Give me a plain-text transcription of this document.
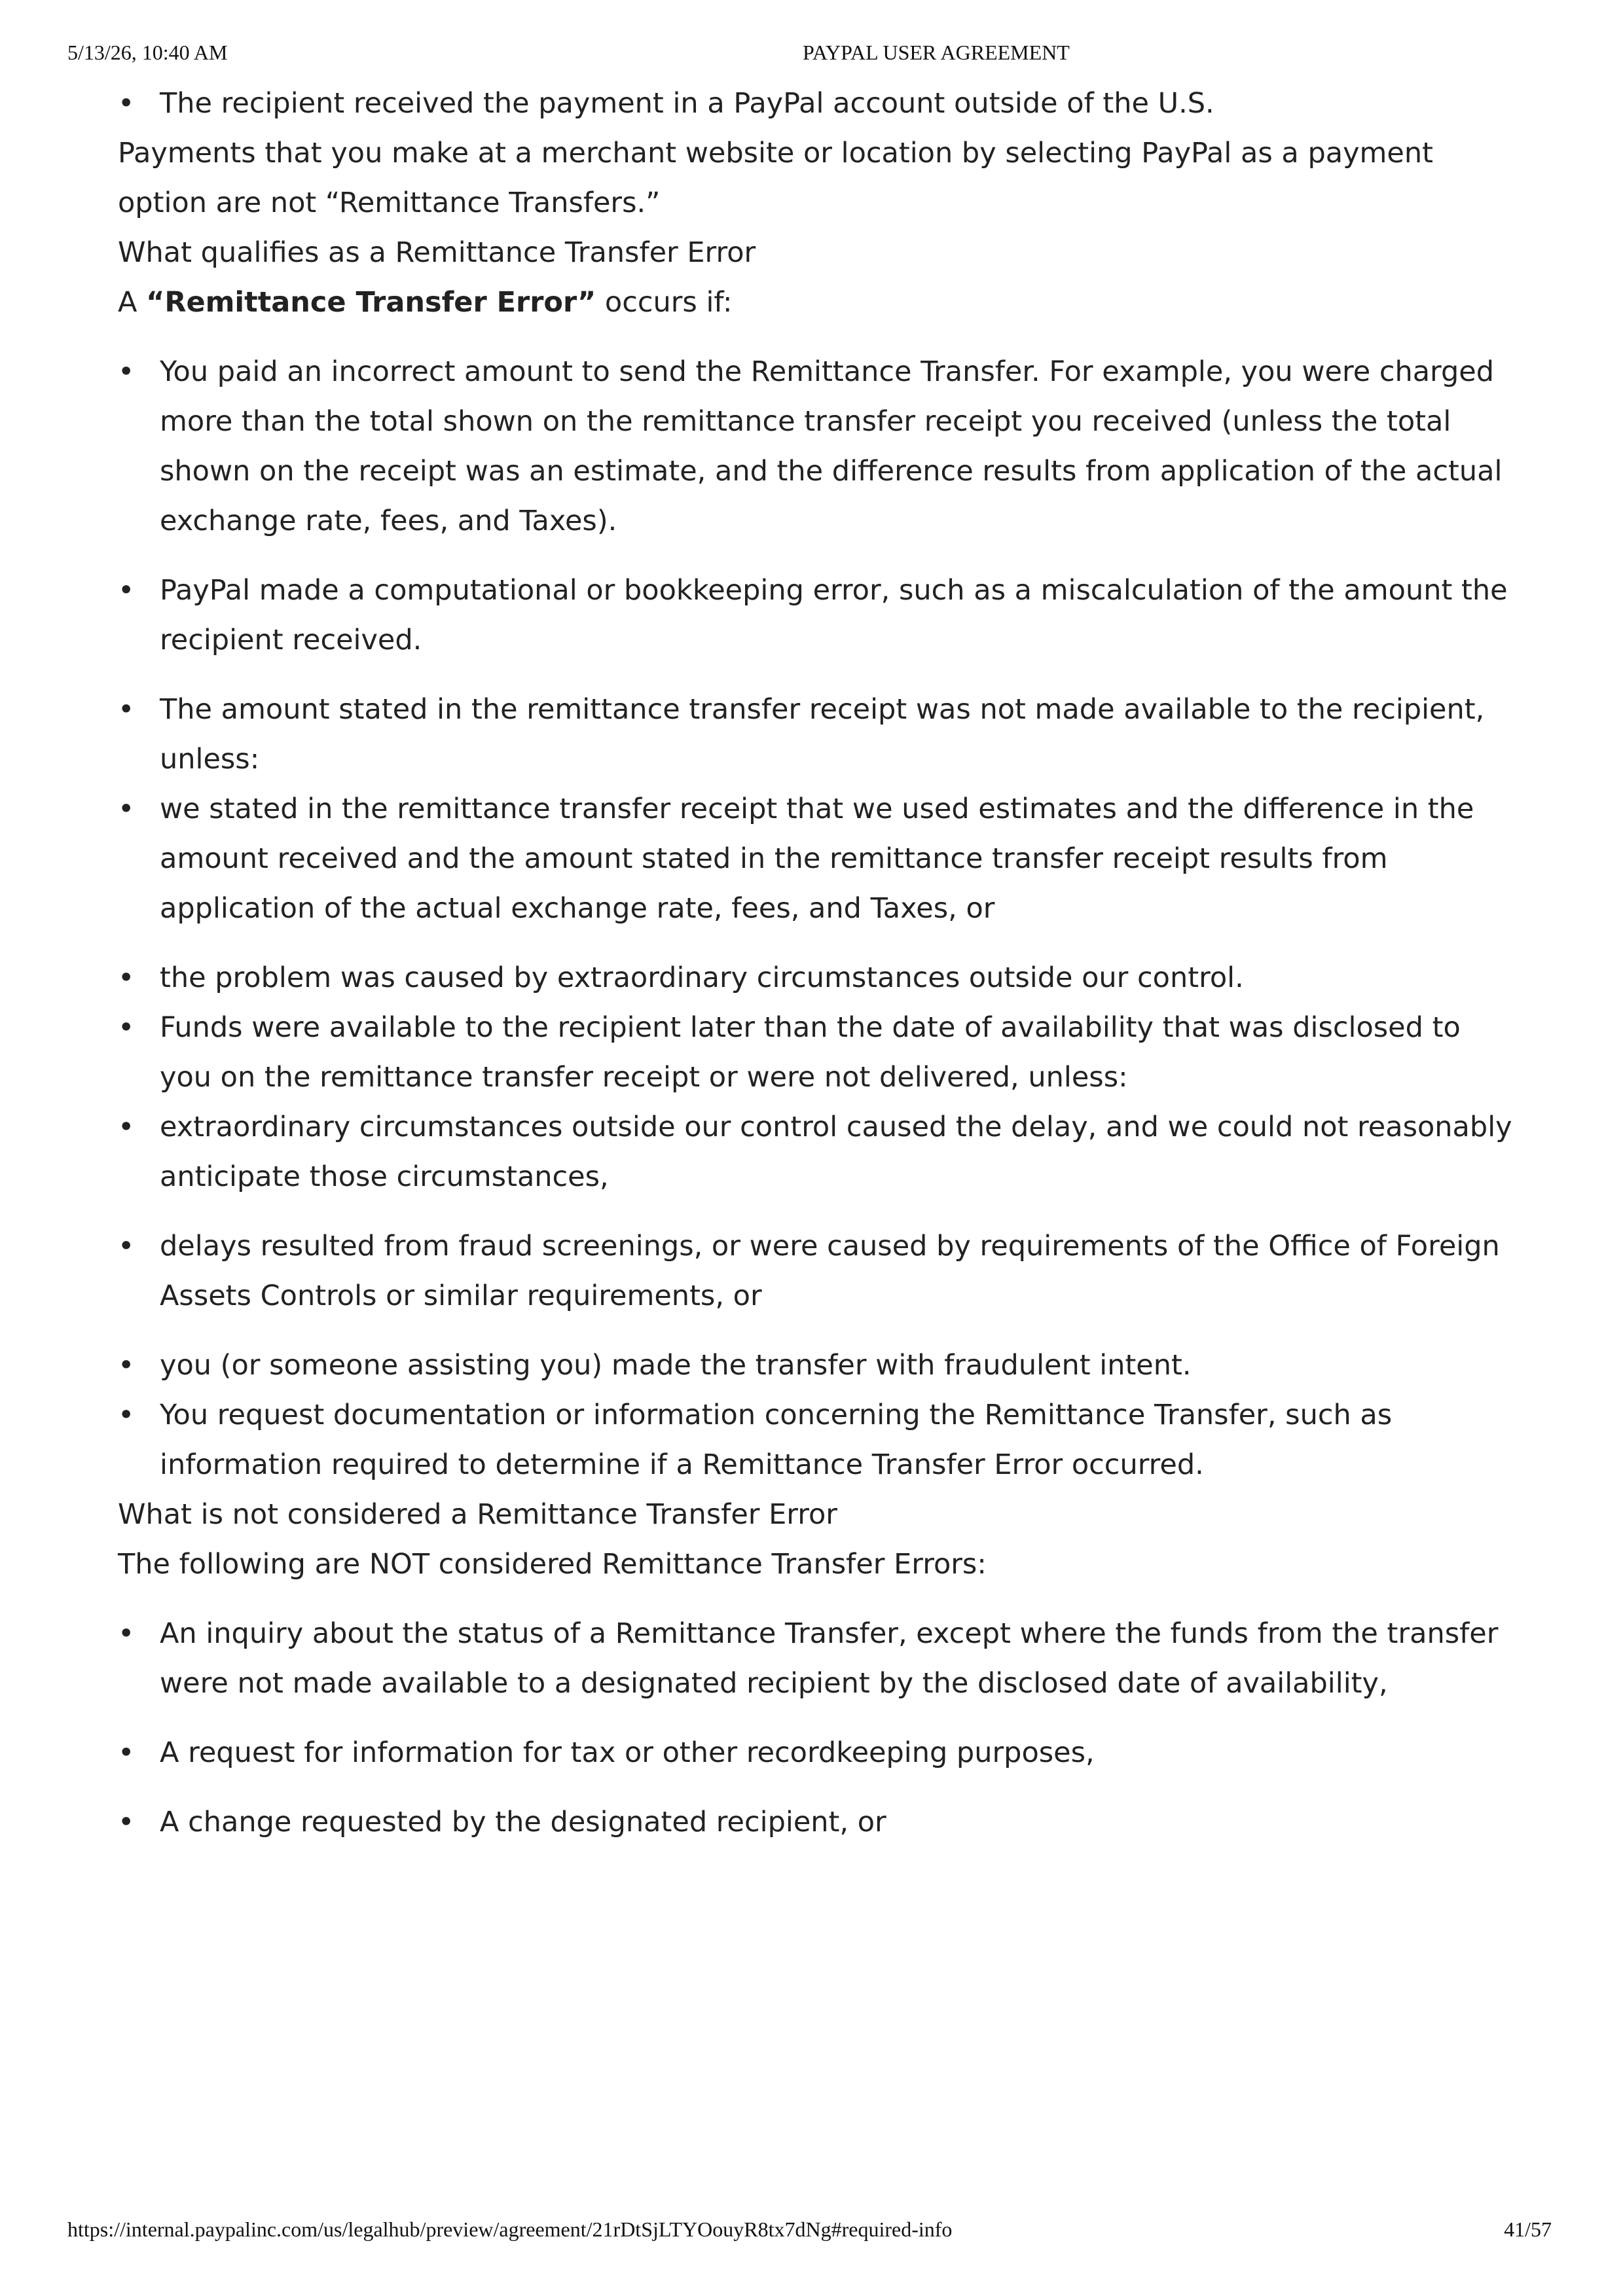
5/13/26, 10:40 AM	PAYPAL USER AGREEMENT
• The recipient received the payment in a PayPal account outside of the U.S.

Payments that you make at a merchant website or location by selecting PayPal as a payment option are not “Remittance Transfers.”

What qualifies as a Remittance Transfer Error

A “Remittance Transfer Error” occurs if:

• You paid an incorrect amount to send the Remittance Transfer. For example, you were charged more than the total shown on the remittance transfer receipt you received (unless the total shown on the receipt was an estimate, and the difference results from application of the actual exchange rate, fees, and Taxes).
• PayPal made a computational or bookkeeping error, such as a miscalculation of the amount the recipient received.
• The amount stated in the remittance transfer receipt was not made available to the recipient, unless:
• we stated in the remittance transfer receipt that we used estimates and the difference in the amount received and the amount stated in the remittance transfer receipt results from application of the actual exchange rate, fees, and Taxes, or
• the problem was caused by extraordinary circumstances outside our control.
• Funds were available to the recipient later than the date of availability that was disclosed to you on the remittance transfer receipt or were not delivered, unless:
• extraordinary circumstances outside our control caused the delay, and we could not reasonably anticipate those circumstances,
• delays resulted from fraud screenings, or were caused by requirements of the Office of Foreign Assets Controls or similar requirements, or
• you (or someone assisting you) made the transfer with fraudulent intent.
• You request documentation or information concerning the Remittance Transfer, such as information required to determine if a Remittance Transfer Error occurred.

What is not considered a Remittance Transfer Error

The following are NOT considered Remittance Transfer Errors:

• An inquiry about the status of a Remittance Transfer, except where the funds from the transfer were not made available to a designated recipient by the disclosed date of availability,
• A request for information for tax or other recordkeeping purposes,
• A change requested by the designated recipient, or
https://internal.paypalinc.com/us/legalhub/preview/agreement/21rDtSjLTYOouyR8tx7dNg#required-info	41/57
